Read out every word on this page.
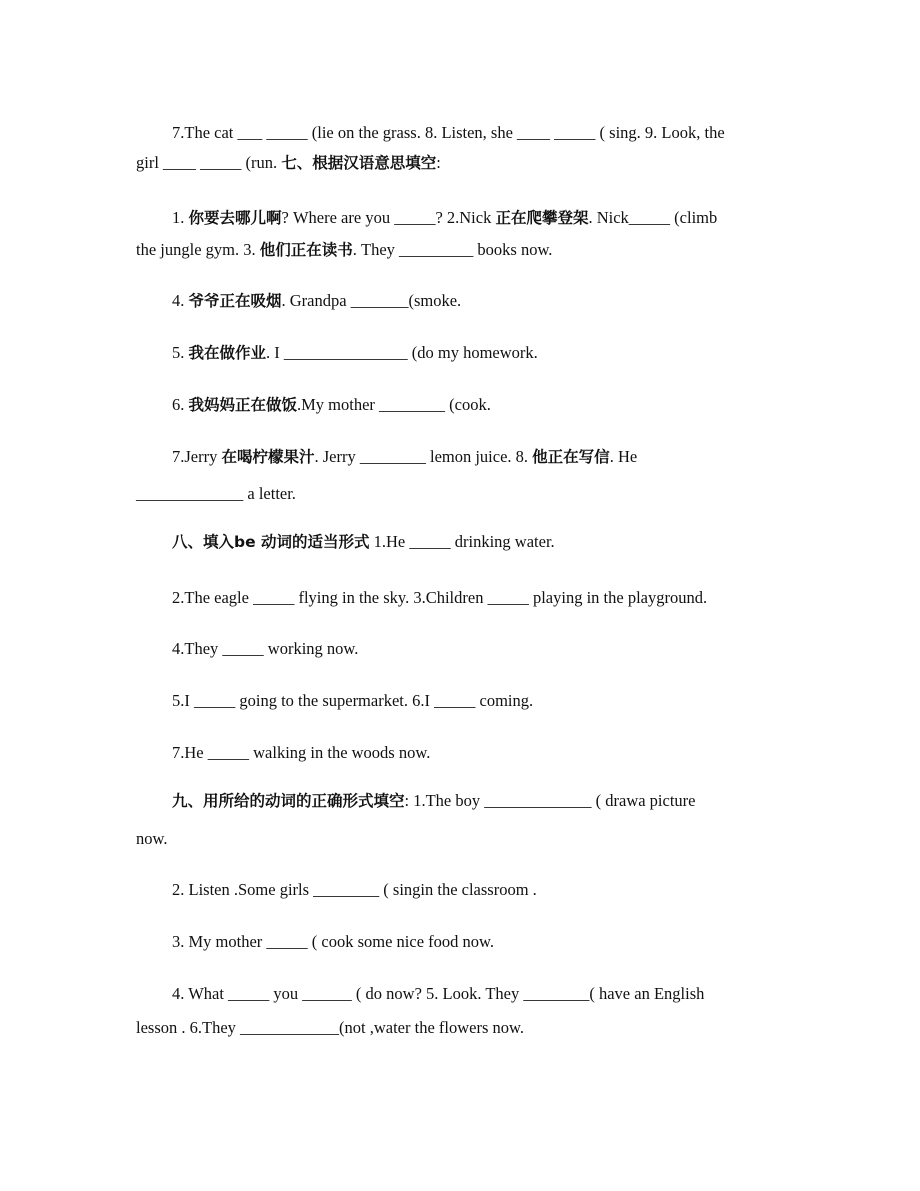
7.The cat ___ _____ (lie on the grass. 8. Listen, she ____ _____ ( sing. 9. Look, the
girl ____ _____ (run. 七、根据汉语意思填空:
1. 你要去哪儿啊? Where are you _____? 2.Nick 正在爬攀登架. Nick_____ (climb
the jungle gym. 3. 他们正在读书. They _________ books now.
4. 爷爷正在吸烟. Grandpa _______(smoke.
5. 我在做作业. I _______________ (do my homework.
6. 我妈妈正在做饭.My mother ________ (cook.
7.Jerry 在喝柠檬果汁. Jerry ________ lemon juice. 8. 他正在写信. He
_____________ a letter.
八、填入be 动词的适当形式 1.He _____ drinking water.
2.The eagle _____ flying in the sky. 3.Children _____ playing in the playground.
4.They _____ working now.
5.I _____ going to the supermarket. 6.I _____ coming.
7.He _____ walking in the woods now.
九、用所给的动词的正确形式填空: 1.The boy _____________ ( drawa picture
now.
2. Listen .Some girls ________ ( singin the classroom .
3. My mother _____ ( cook some nice food now.
4. What _____ you ______ ( do now? 5. Look. They ________( have an English
lesson . 6.They ____________(not ,water the flowers now.
